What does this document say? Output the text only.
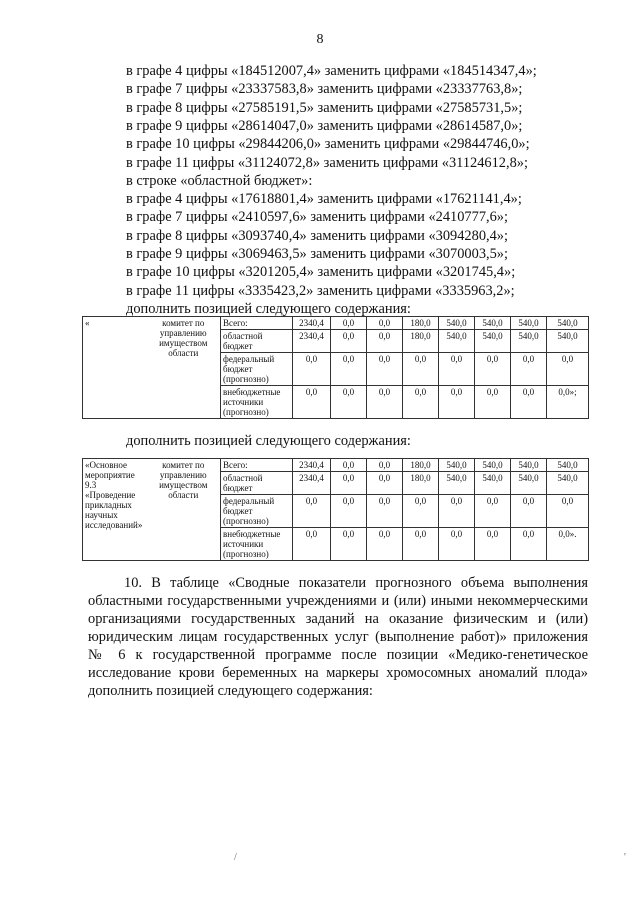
8
в графе 4 цифры «184512007,4» заменить цифрами «184514347,4»;
в графе 7 цифры «23337583,8» заменить цифрами «23337763,8»;
в графе 8 цифры «27585191,5» заменить цифрами «27585731,5»;
в графе 9 цифры «28614047,0» заменить цифрами «28614587,0»;
в графе 10 цифры «29844206,0» заменить цифрами «29844746,0»;
в графе 11 цифры «31124072,8» заменить цифрами «31124612,8»;
в строке «областной бюджет»:
в графе 4 цифры «17618801,4» заменить цифрами «17621141,4»;
в графе 7 цифры «2410597,6» заменить цифрами «2410777,6»;
в графе 8 цифры «3093740,4» заменить цифрами «3094280,4»;
в графе 9 цифры «3069463,5» заменить цифрами «3070003,5»;
в графе 10 цифры «3201205,4» заменить цифрами «3201745,4»;
в графе 11 цифры «3335423,2» заменить цифрами «3335963,2»;
дополнить позицией следующего содержания:
«	комитет по управлению имуществом области	Всего:	2340,4	0,0	0,0	180,0	540,0	540,0	540,0	540,0
		областной бюджет	2340,4	0,0	0,0	180,0	540,0	540,0	540,0	540,0
		федеральный бюджет (прогнозно)	0,0	0,0	0,0	0,0	0,0	0,0	0,0	0,0
		внебюджетные источники (прогнозно)	0,0	0,0	0,0	0,0	0,0	0,0	0,0	0,0»;
дополнить позицией следующего содержания:
«Основное мероприятие 9.3 «Проведение прикладных научных исследований»	комитет по управлению имуществом области	Всего:	2340,4	0,0	0,0	180,0	540,0	540,0	540,0	540,0
		областной бюджет	2340,4	0,0	0,0	180,0	540,0	540,0	540,0	540,0
		федеральный бюджет (прогнозно)	0,0	0,0	0,0	0,0	0,0	0,0	0,0	0,0
		внебюджетные источники (прогнозно)	0,0	0,0	0,0	0,0	0,0	0,0	0,0	0,0».
10. В таблице «Сводные показатели прогнозного объема выполнения областными государственными учреждениями и (или) иными некоммерческими организациями государственных заданий на оказание физическим и (или) юридическим лицам государственных услуг (выполнение работ)» приложения № 6 к государственной программе после позиции «Медико-генетическое исследование крови беременных на маркеры хромосомных аномалий плода» дополнить позицией следующего содержания:
/	'
